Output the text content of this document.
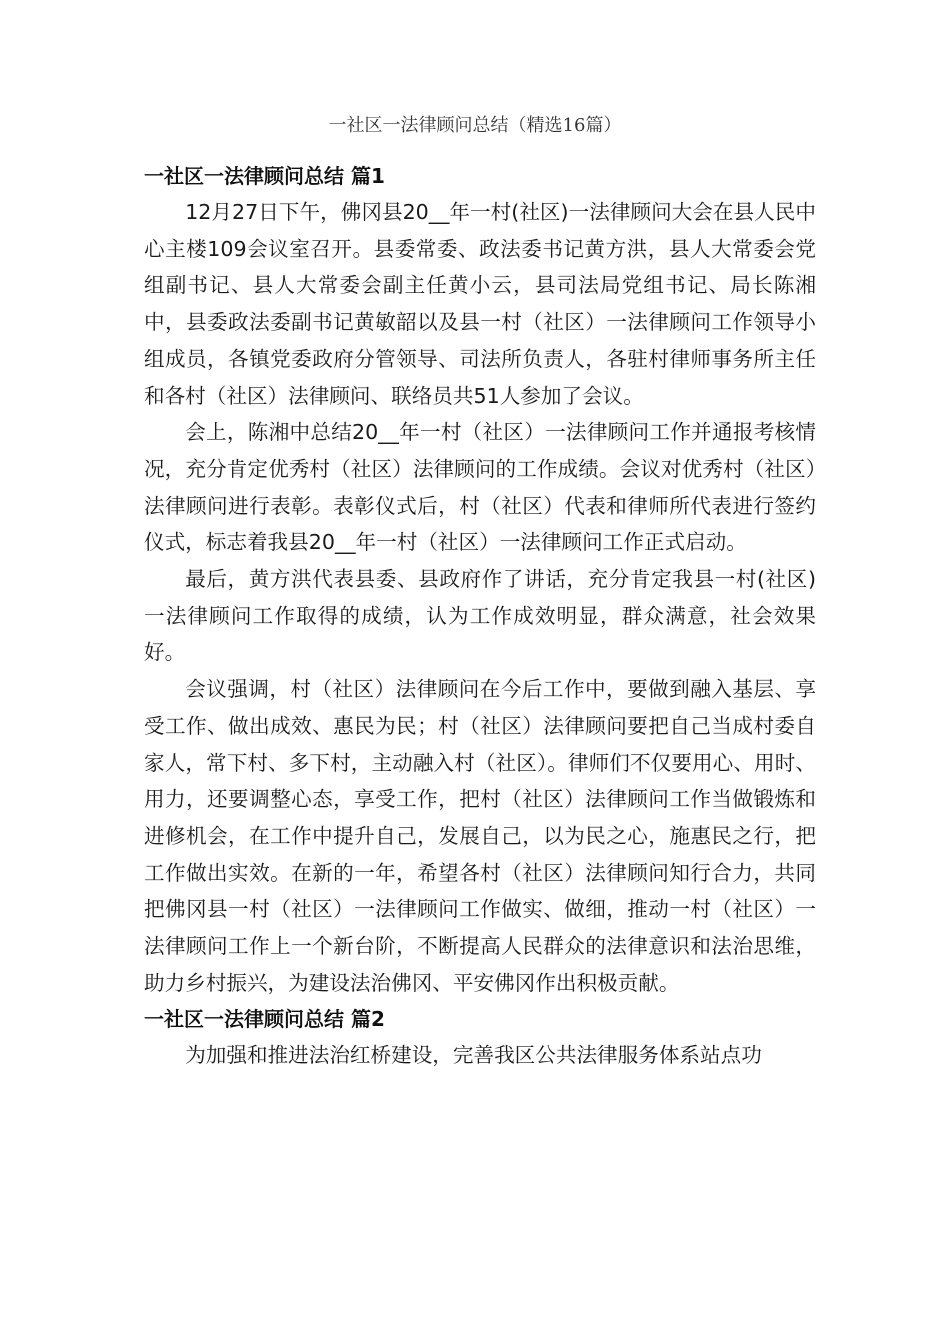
一社区一法律顾问总结（精选16篇）
一社区一法律顾问总结 篇1

12月27日下午，佛冈县20__年一村(社区)一法律顾问大会在县人民中心主楼109会议室召开。县委常委、政法委书记黄方洪，县人大常委会党组副书记、县人大常委会副主任黄小云，县司法局党组书记、局长陈湘中，县委政法委副书记黄敏韶以及县一村（社区）一法律顾问工作领导小组成员，各镇党委政府分管领导、司法所负责人，各驻村律师事务所主任和各村（社区）法律顾问、联络员共51人参加了会议。

会上，陈湘中总结20__年一村（社区）一法律顾问工作并通报考核情况，充分肯定优秀村（社区）法律顾问的工作成绩。会议对优秀村（社区）法律顾问进行表彰。表彰仪式后，村（社区）代表和律师所代表进行签约仪式，标志着我县20__年一村（社区）一法律顾问工作正式启动。

最后，黄方洪代表县委、县政府作了讲话，充分肯定我县一村(社区)一法律顾问工作取得的成绩，认为工作成效明显，群众满意，社会效果好。

会议强调，村（社区）法律顾问在今后工作中，要做到融入基层、享受工作、做出成效、惠民为民；村（社区）法律顾问要把自己当成村委自家人，常下村、多下村，主动融入村（社区）。律师们不仅要用心、用时、用力，还要调整心态，享受工作，把村（社区）法律顾问工作当做锻炼和进修机会，在工作中提升自己，发展自己，以为民之心，施惠民之行，把工作做出实效。在新的一年，希望各村（社区）法律顾问知行合力，共同把佛冈县一村（社区）一法律顾问工作做实、做细，推动一村（社区）一法律顾问工作上一个新台阶，不断提高人民群众的法律意识和法治思维，助力乡村振兴，为建设法治佛冈、平安佛冈作出积极贡献。

一社区一法律顾问总结 篇2

为加强和推进法治红桥建设，完善我区公共法律服务体系站点功
